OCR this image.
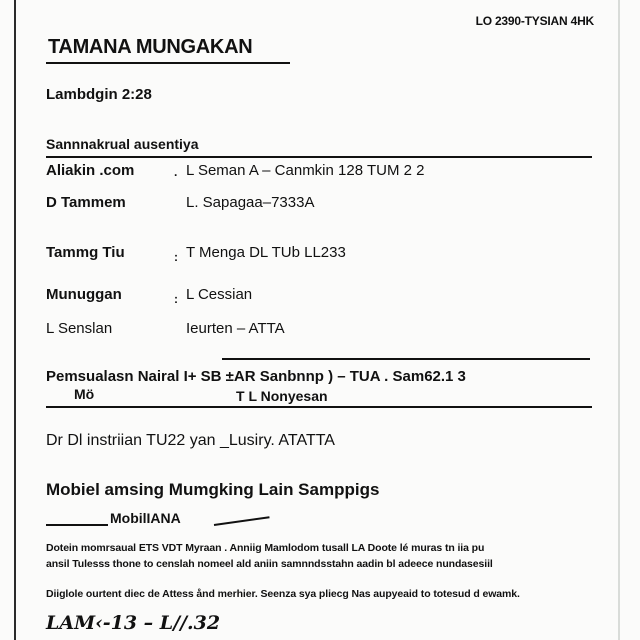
LO 2390-TYSIAN 4HK
TAMANA MUNGAKAN
Lambdgin 2:28
Sannnakrual ausentiya
Aliakin .com	· L Seman A – Canmkin 128 TUM 2 2
D Tammem	L. Sapagaa–7333A
Tammg Tiu	: T Menga DL TUb LL233
Munuggan	: L Cessian
L Senslan	Ieurten – ATTA
Pemsualasn Nairal I+ SB ±AR Sanbnnp ) – TUA . Sam62.1 3
Mö	T L Nonyesan
Dr Dl instriian TU22 yan _Lusiry. ATATTA
Mobiel amsing Mumgking Lain Samppigs
MobilIANA
Dotein momrsaual ETS VDT Myraan . Anniig Mamlodom tusall LA Doote lé muras tn iia pu
ansil Tulesss thone to censlah nomeel ald aniin samnndsstahn aadin bl adeece nundasesiil
Diiglole ourtent diec de Attess ånd merhier. Seenza sya pliecg Nas aupyeaid to totesud d ewamk.
LAM‹-13 – L//.32
